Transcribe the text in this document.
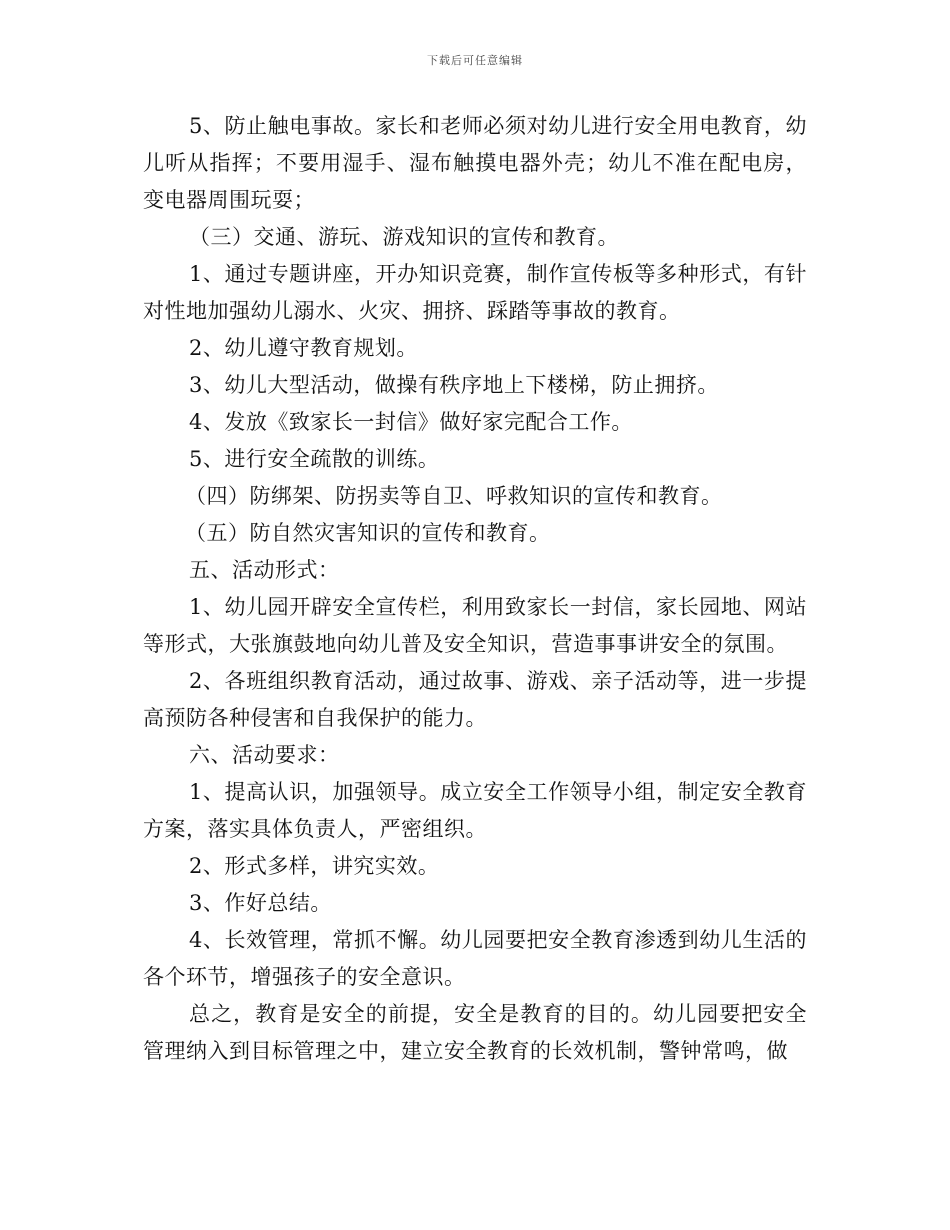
下载后可任意编辑

5、防止触电事故。家长和老师必须对幼儿进行安全用电教育，幼儿听从指挥；不要用湿手、湿布触摸电器外壳；幼儿不准在配电房，变电器周围玩耍；

（三）交通、游玩、游戏知识的宣传和教育。

1、通过专题讲座，开办知识竞赛，制作宣传板等多种形式，有针对性地加强幼儿溺水、火灾、拥挤、踩踏等事故的教育。

2、幼儿遵守教育规划。

3、幼儿大型活动，做操有秩序地上下楼梯，防止拥挤。

4、发放《致家长一封信》做好家完配合工作。

5、进行安全疏散的训练。

（四）防绑架、防拐卖等自卫、呼救知识的宣传和教育。

（五）防自然灾害知识的宣传和教育。

五、活动形式：

1、幼儿园开辟安全宣传栏，利用致家长一封信，家长园地、网站等形式，大张旗鼓地向幼儿普及安全知识，营造事事讲安全的氛围。

2、各班组织教育活动，通过故事、游戏、亲子活动等，进一步提高预防各种侵害和自我保护的能力。

六、活动要求：

1、提高认识，加强领导。成立安全工作领导小组，制定安全教育方案，落实具体负责人，严密组织。

2、形式多样，讲究实效。

3、作好总结。

4、长效管理，常抓不懈。幼儿园要把安全教育渗透到幼儿生活的各个环节，增强孩子的安全意识。

总之，教育是安全的前提，安全是教育的目的。幼儿园要把安全管理纳入到目标管理之中，建立安全教育的长效机制，警钟常鸣，做
